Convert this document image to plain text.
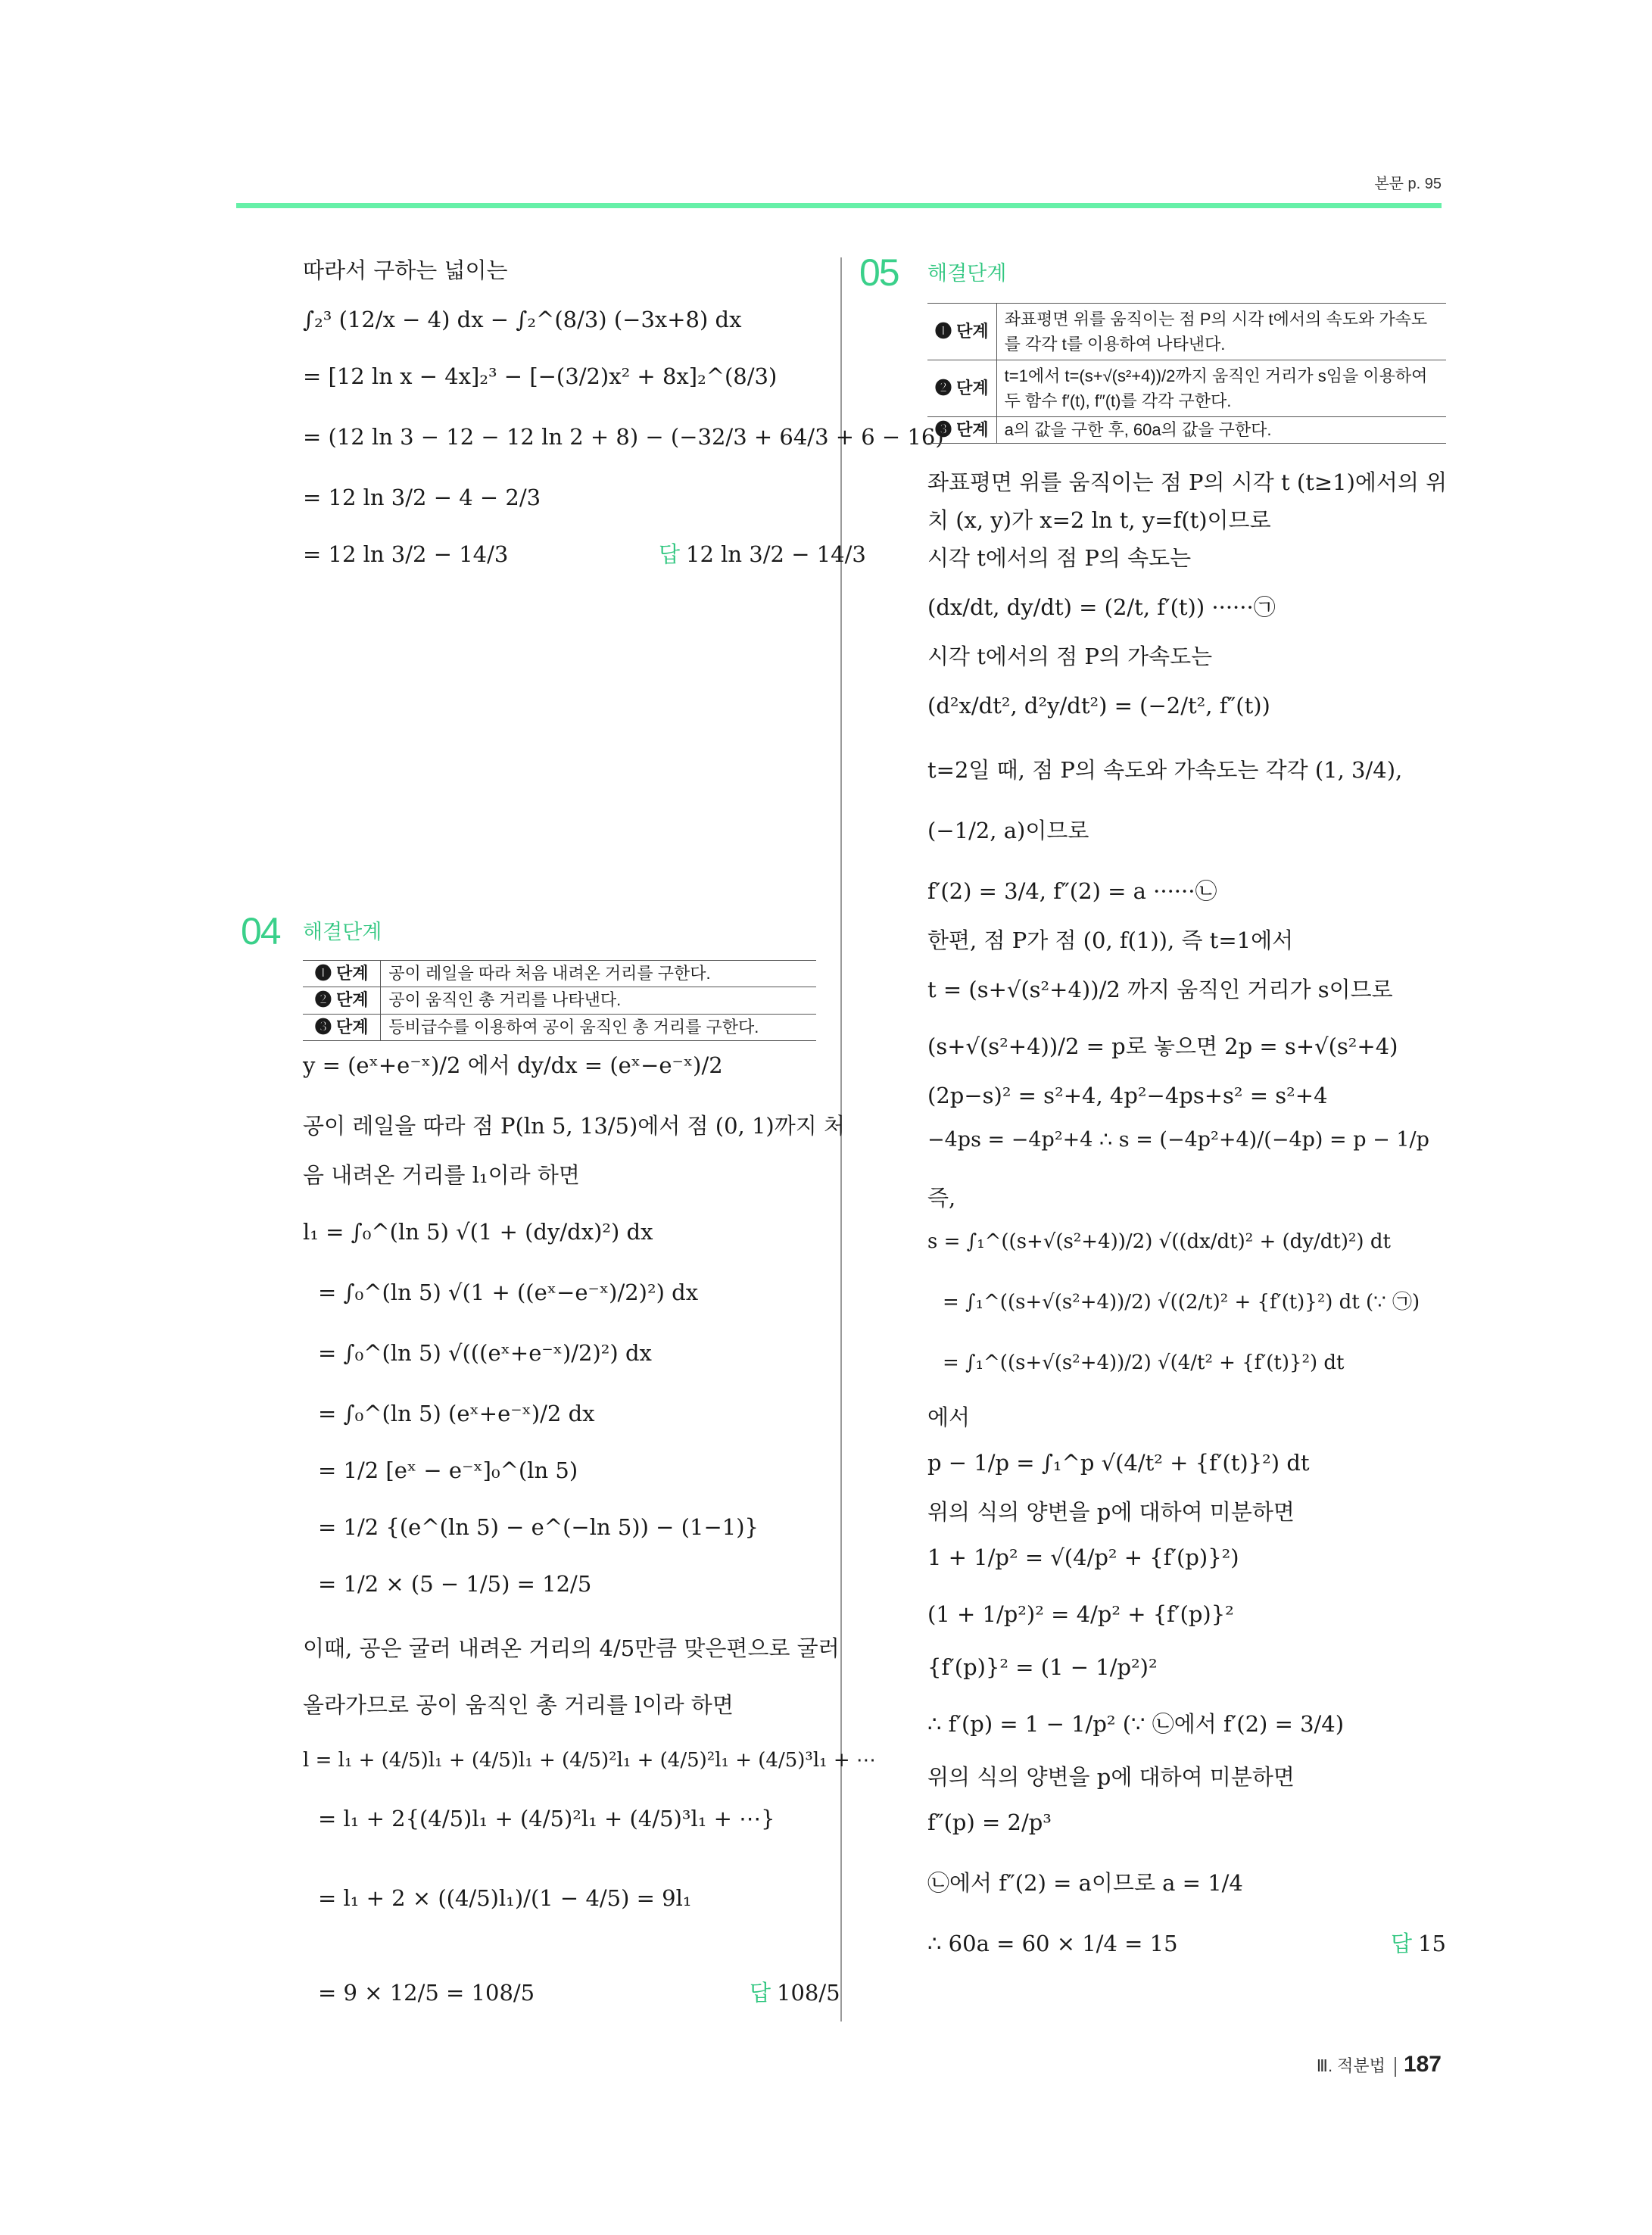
본문 p. 95
따라서 구하는 넓이는
∫₂³ (12/x − 4) dx − ∫₂^(8/3) (−3x+8) dx
= [12 ln x − 4x]₂³ − [−(3/2)x² + 8x]₂^(8/3)
= (12 ln 3 − 12 − 12 ln 2 + 8) − (−32/3 + 64/3 + 6 − 16)
= 12 ln 3/2 − 4 − 2/3
= 12 ln 3/2 − 14/3	답 12 ln 3/2 − 14/3
04 해결단계
❶ 단계	공이 레일을 따라 처음 내려온 거리를 구한다.
❷ 단계	공이 움직인 총 거리를 나타낸다.
❸ 단계	등비급수를 이용하여 공이 움직인 총 거리를 구한다.
y = (eˣ+e⁻ˣ)/2 에서 dy/dx = (eˣ−e⁻ˣ)/2
공이 레일을 따라 점 P(ln 5, 13/5)에서 점 (0, 1)까지 처
음 내려온 거리를 l₁이라 하면
l₁ = ∫₀^(ln 5) √(1 + (dy/dx)²) dx
= ∫₀^(ln 5) √(1 + ((eˣ−e⁻ˣ)/2)²) dx
= ∫₀^(ln 5) √(((eˣ+e⁻ˣ)/2)²) dx
= ∫₀^(ln 5) (eˣ+e⁻ˣ)/2 dx
= 1/2 [eˣ − e⁻ˣ]₀^(ln 5)
= 1/2 {(e^(ln 5) − e^(−ln 5)) − (1−1)}
= 1/2 × (5 − 1/5) = 12/5
이때, 공은 굴러 내려온 거리의 4/5만큼 맞은편으로 굴러
올라가므로 공이 움직인 총 거리를 l이라 하면
l = l₁ + (4/5)l₁ + (4/5)l₁ + (4/5)²l₁ + (4/5)²l₁ + (4/5)³l₁ + ⋯
= l₁ + 2{(4/5)l₁ + (4/5)²l₁ + (4/5)³l₁ + ⋯}
= l₁ + 2 × ((4/5)l₁)/(1 − 4/5) = 9l₁
= 9 × 12/5 = 108/5	답 108/5
05 해결단계
❶ 단계	좌표평면 위를 움직이는 점 P의 시각 t에서의 속도와 가속도를 각각 t를 이용하여 나타낸다.
❷ 단계	t=1에서 t=(s+√(s²+4))/2까지 움직인 거리가 s임을 이용하여 두 함수 f′(t), f″(t)를 각각 구한다.
❸ 단계	a의 값을 구한 후, 60a의 값을 구한다.
좌표평면 위를 움직이는 점 P의 시각 t (t≥1)에서의 위
치 (x, y)가 x=2 ln t, y=f(t)이므로
시각 t에서의 점 P의 속도는
(dx/dt, dy/dt) = (2/t, f′(t)) ······㉠
시각 t에서의 점 P의 가속도는
(d²x/dt², d²y/dt²) = (−2/t², f″(t))
t=2일 때, 점 P의 속도와 가속도는 각각 (1, 3/4),
(−1/2, a)이므로
f′(2) = 3/4, f″(2) = a ······㉡
한편, 점 P가 점 (0, f(1)), 즉 t=1에서
t = (s+√(s²+4))/2 까지 움직인 거리가 s이므로
(s+√(s²+4))/2 = p로 놓으면 2p = s+√(s²+4)
(2p−s)² = s²+4, 4p²−4ps+s² = s²+4
−4ps = −4p²+4 ∴ s = (−4p²+4)/(−4p) = p − 1/p
즉,
s = ∫₁^((s+√(s²+4))/2) √((dx/dt)² + (dy/dt)²) dt
= ∫₁^((s+√(s²+4))/2) √((2/t)² + {f′(t)}²) dt (∵ ㉠)
= ∫₁^((s+√(s²+4))/2) √(4/t² + {f′(t)}²) dt
에서
p − 1/p = ∫₁^p √(4/t² + {f′(t)}²) dt
위의 식의 양변을 p에 대하여 미분하면
1 + 1/p² = √(4/p² + {f′(p)}²)
(1 + 1/p²)² = 4/p² + {f′(p)}²
{f′(p)}² = (1 − 1/p²)²
∴ f′(p) = 1 − 1/p² (∵ ㉡에서 f′(2) = 3/4)
위의 식의 양변을 p에 대하여 미분하면
f″(p) = 2/p³
㉡에서 f″(2) = a이므로 a = 1/4
∴ 60a = 60 × 1/4 = 15	답 15
Ⅲ. 적분법 187
